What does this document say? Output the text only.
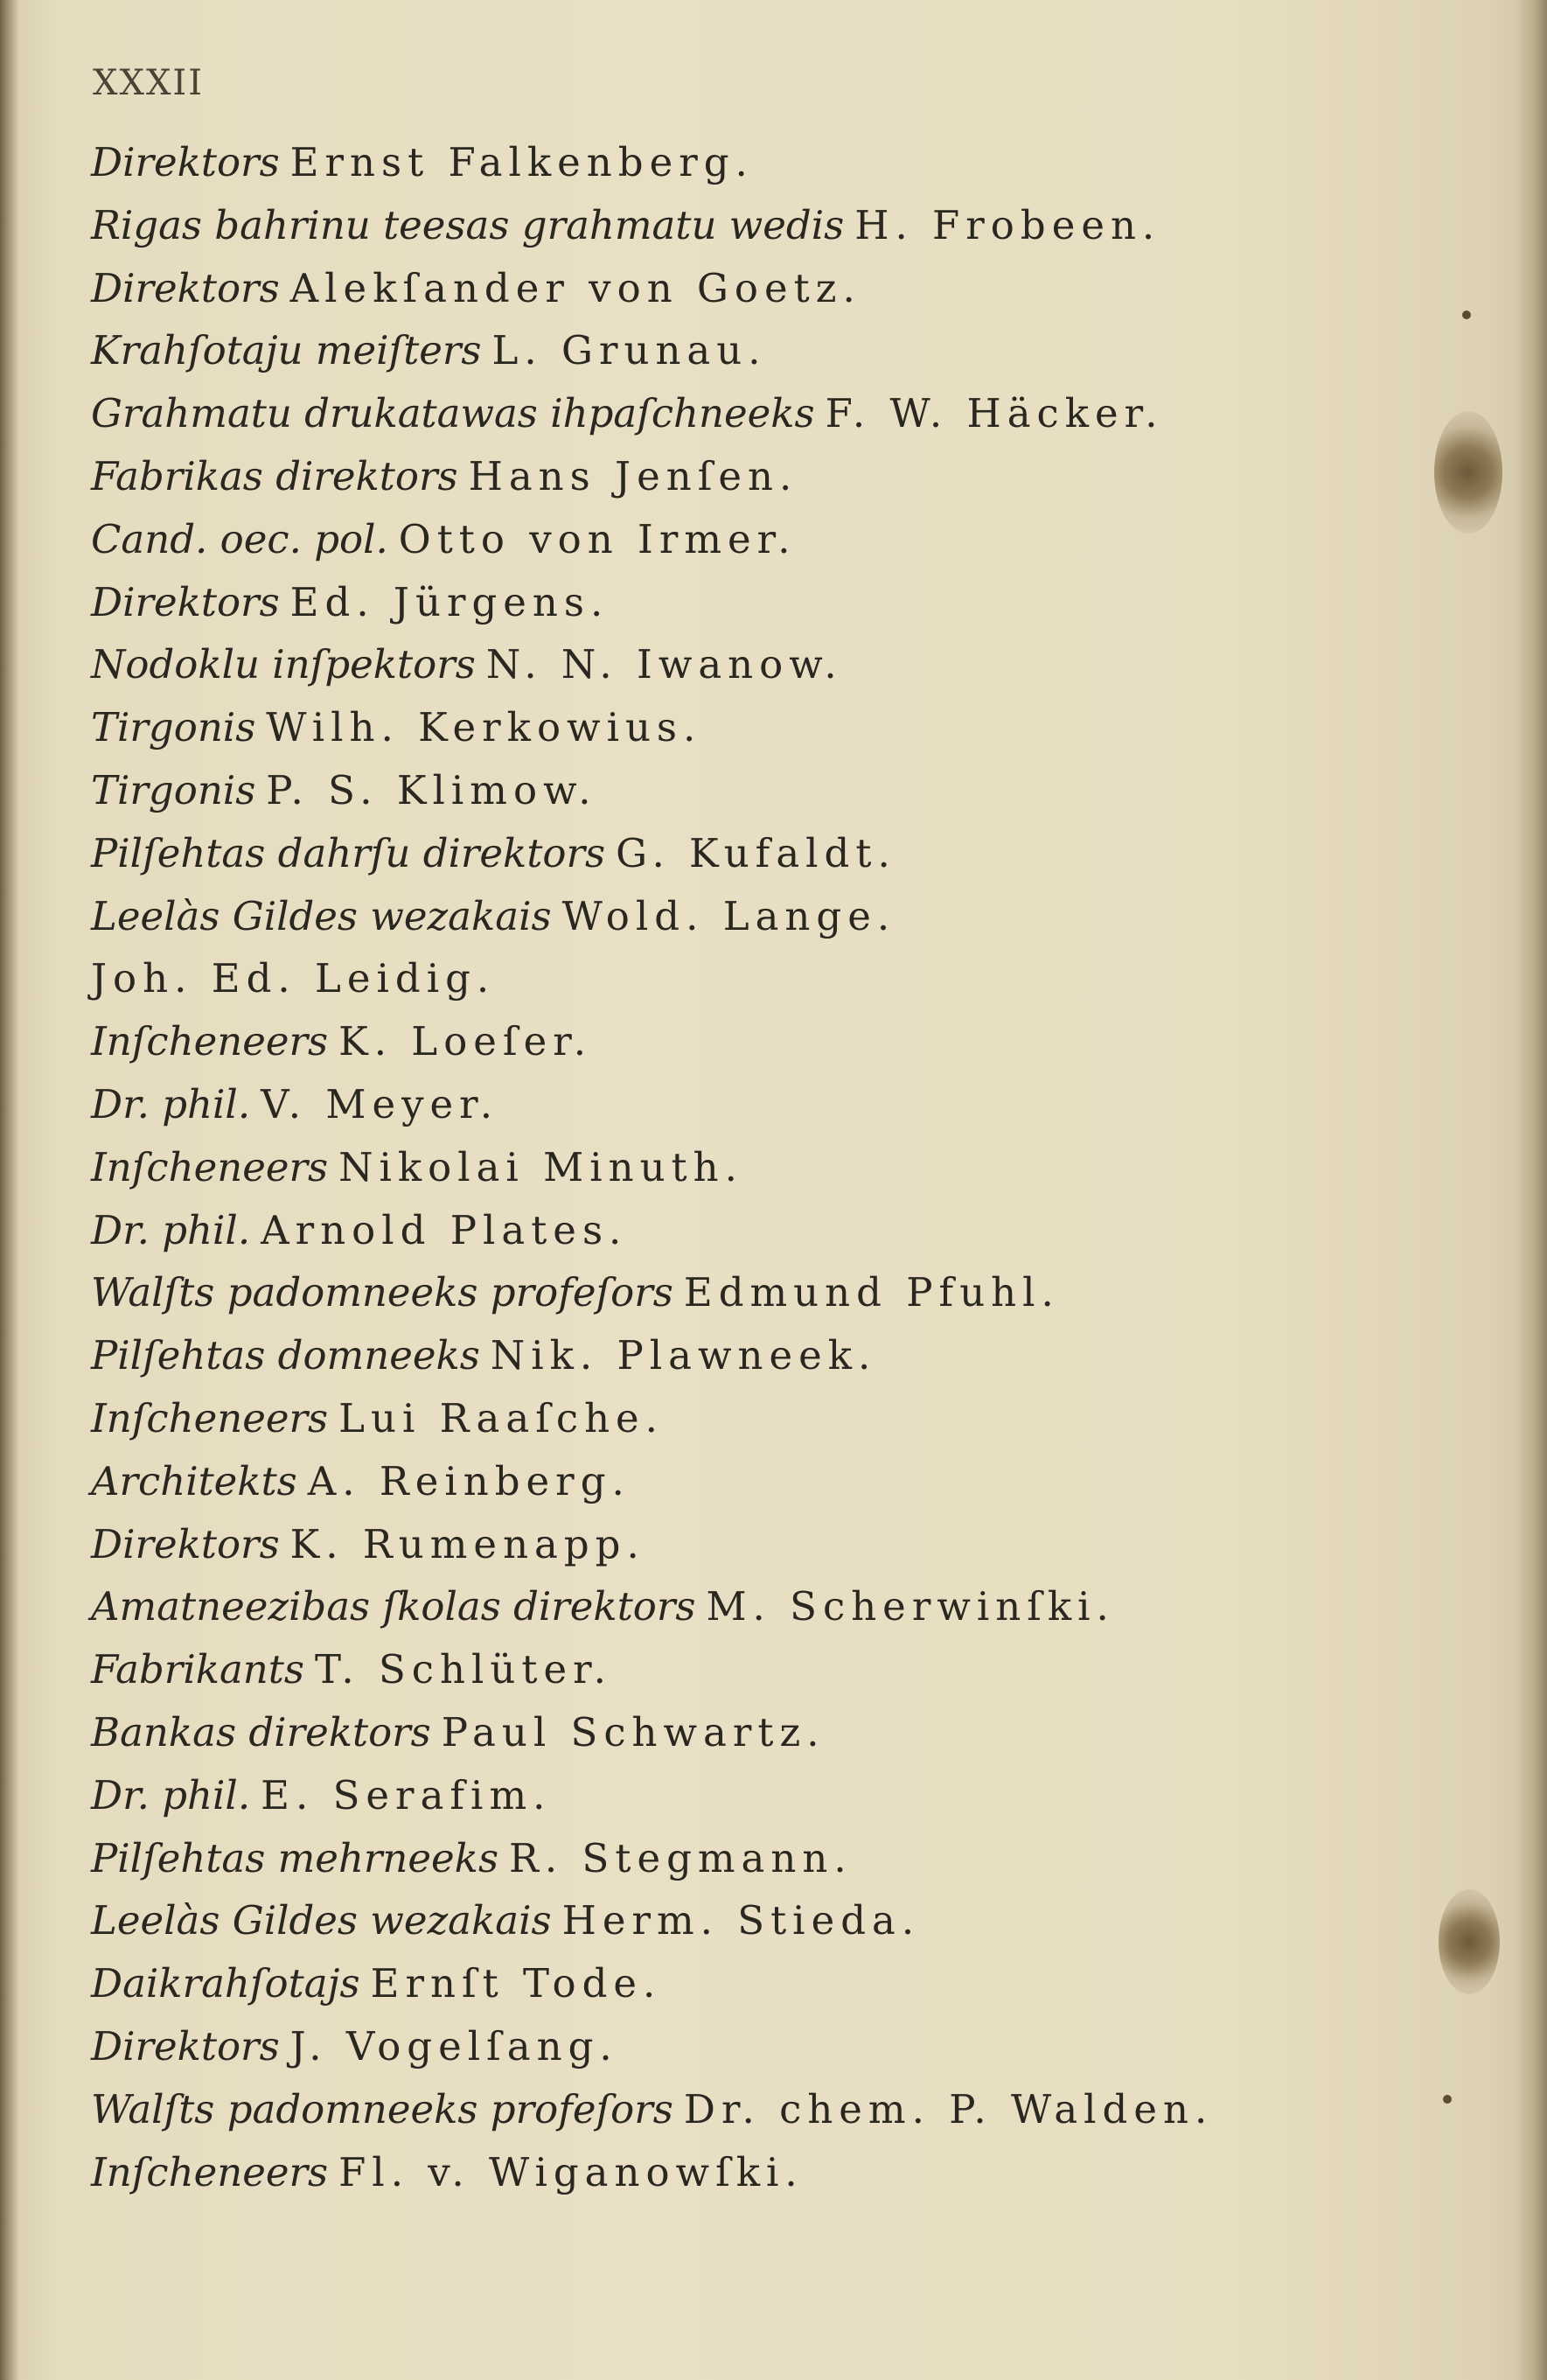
XXXII
Direktors Ernst Falkenberg.
Rigas bahrinu teesas grahmatu wedis H. Frobeen.
Direktors Alekſander von Goetz.
Krahſotaju meiſters L. Grunau.
Grahmatu drukatawas ihpaſchneeks F. W. Häcker.
Fabrikas direktors Hans Jenſen.
Cand. oec. pol. Otto von Irmer.
Direktors Ed. Jürgens.
Nodoklu inſpektors N. N. Iwanow.
Tirgonis Wilh. Kerkowius.
Tirgonis P. S. Klimow.
Pilſehtas dahrſu direktors G. Kufaldt.
Leelàs Gildes wezakais Wold. Lange.
Joh. Ed. Leidig.
Inſcheneers K. Loeſer.
Dr. phil. V. Meyer.
Inſcheneers Nikolai Minuth.
Dr. phil. Arnold Plates.
Walſts padomneeks profeſors Edmund Pfuhl.
Pilſehtas domneeks Nik. Plawneek.
Inſcheneers Lui Raaſche.
Architekts A. Reinberg.
Direktors K. Rumenapp.
Amatneezibas ſkolas direktors M. Scherwinſki.
Fabrikants T. Schlüter.
Bankas direktors Paul Schwartz.
Dr. phil. E. Serafim.
Pilſehtas mehrneeks R. Stegmann.
Leelàs Gildes wezakais Herm. Stieda.
Daikrahſotajs Ernſt Tode.
Direktors J. Vogelſang.
Walſts padomneeks profeſors Dr. chem. P. Walden.
Inſcheneers Fl. v. Wiganowſki.
